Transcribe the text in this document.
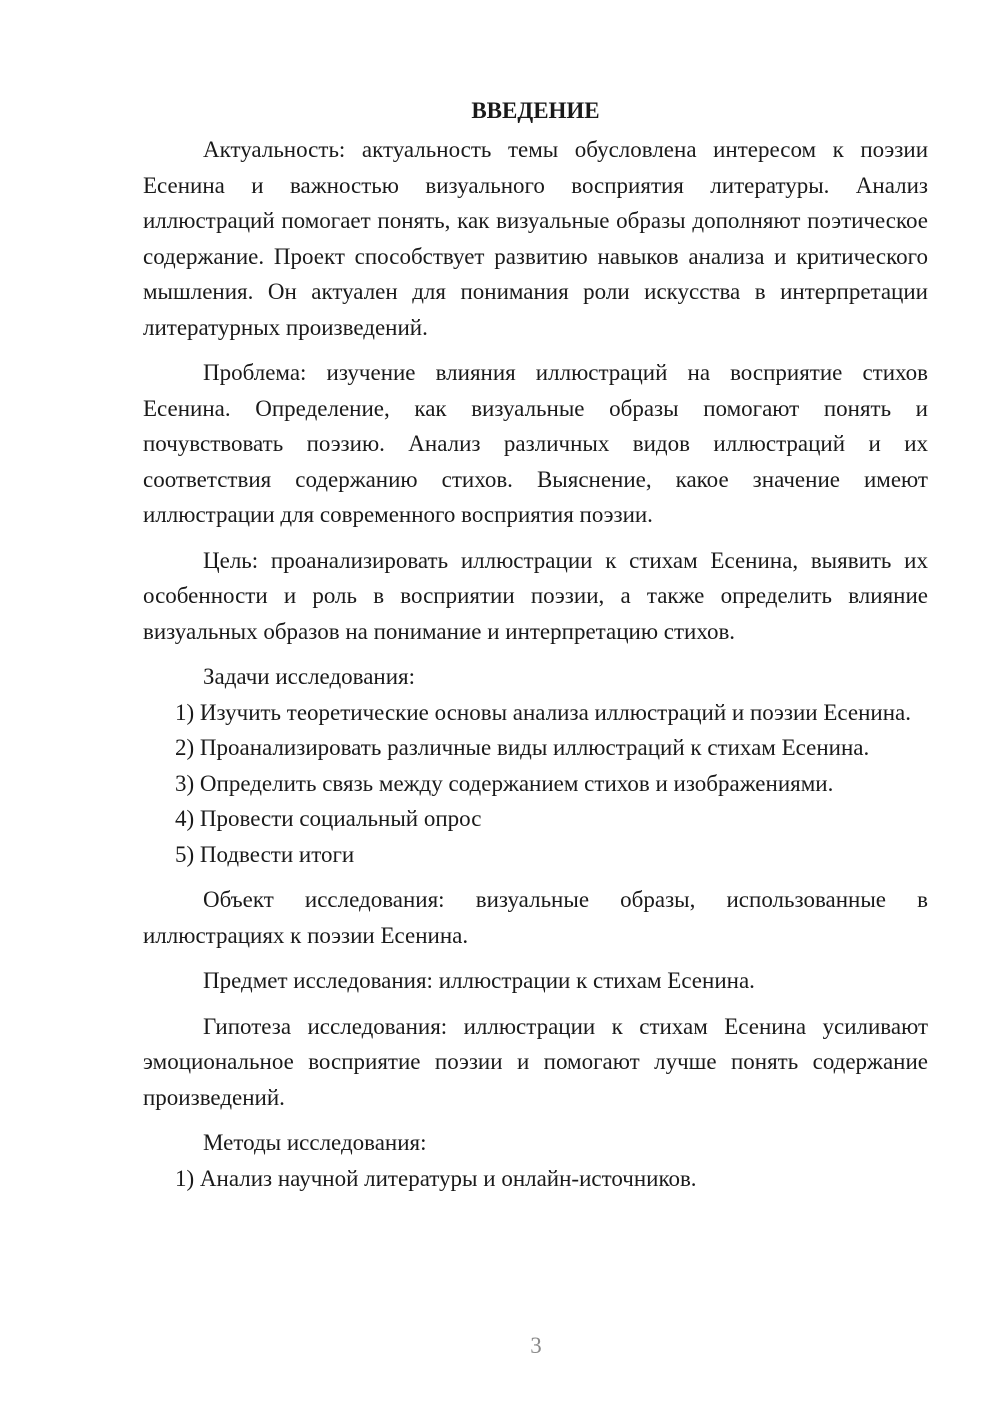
ВВЕДЕНИЕ

Актуальность: актуальность темы обусловлена интересом к поэзии Есенина и важностью визуального восприятия литературы. Анализ иллюстраций помогает понять, как визуальные образы дополняют поэтическое содержание. Проект способствует развитию навыков анализа и критического мышления. Он актуален для понимания роли искусства в интерпретации литературных произведений.

Проблема: изучение влияния иллюстраций на восприятие стихов Есенина. Определение, как визуальные образы помогают понять и почувствовать поэзию. Анализ различных видов иллюстраций и их соответствия содержанию стихов. Выяснение, какое значение имеют иллюстрации для современного восприятия поэзии.

Цель: проанализировать иллюстрации к стихам Есенина, выявить их особенности и роль в восприятии поэзии, а также определить влияние визуальных образов на понимание и интерпретацию стихов.

Задачи исследования:

1) Изучить теоретические основы анализа иллюстраций и поэзии Есенина.

2) Проанализировать различные виды иллюстраций к стихам Есенина.

3) Определить связь между содержанием стихов и изображениями.

4) Провести социальный опрос

5) Подвести итоги

Объект исследования: визуальные образы, использованные в иллюстрациях к поэзии Есенина.

Предмет исследования: иллюстрации к стихам Есенина.

Гипотеза исследования: иллюстрации к стихам Есенина усиливают эмоциональное восприятие поэзии и помогают лучше понять содержание произведений.

Методы исследования:

1) Анализ научной литературы и онлайн-источников.

3
